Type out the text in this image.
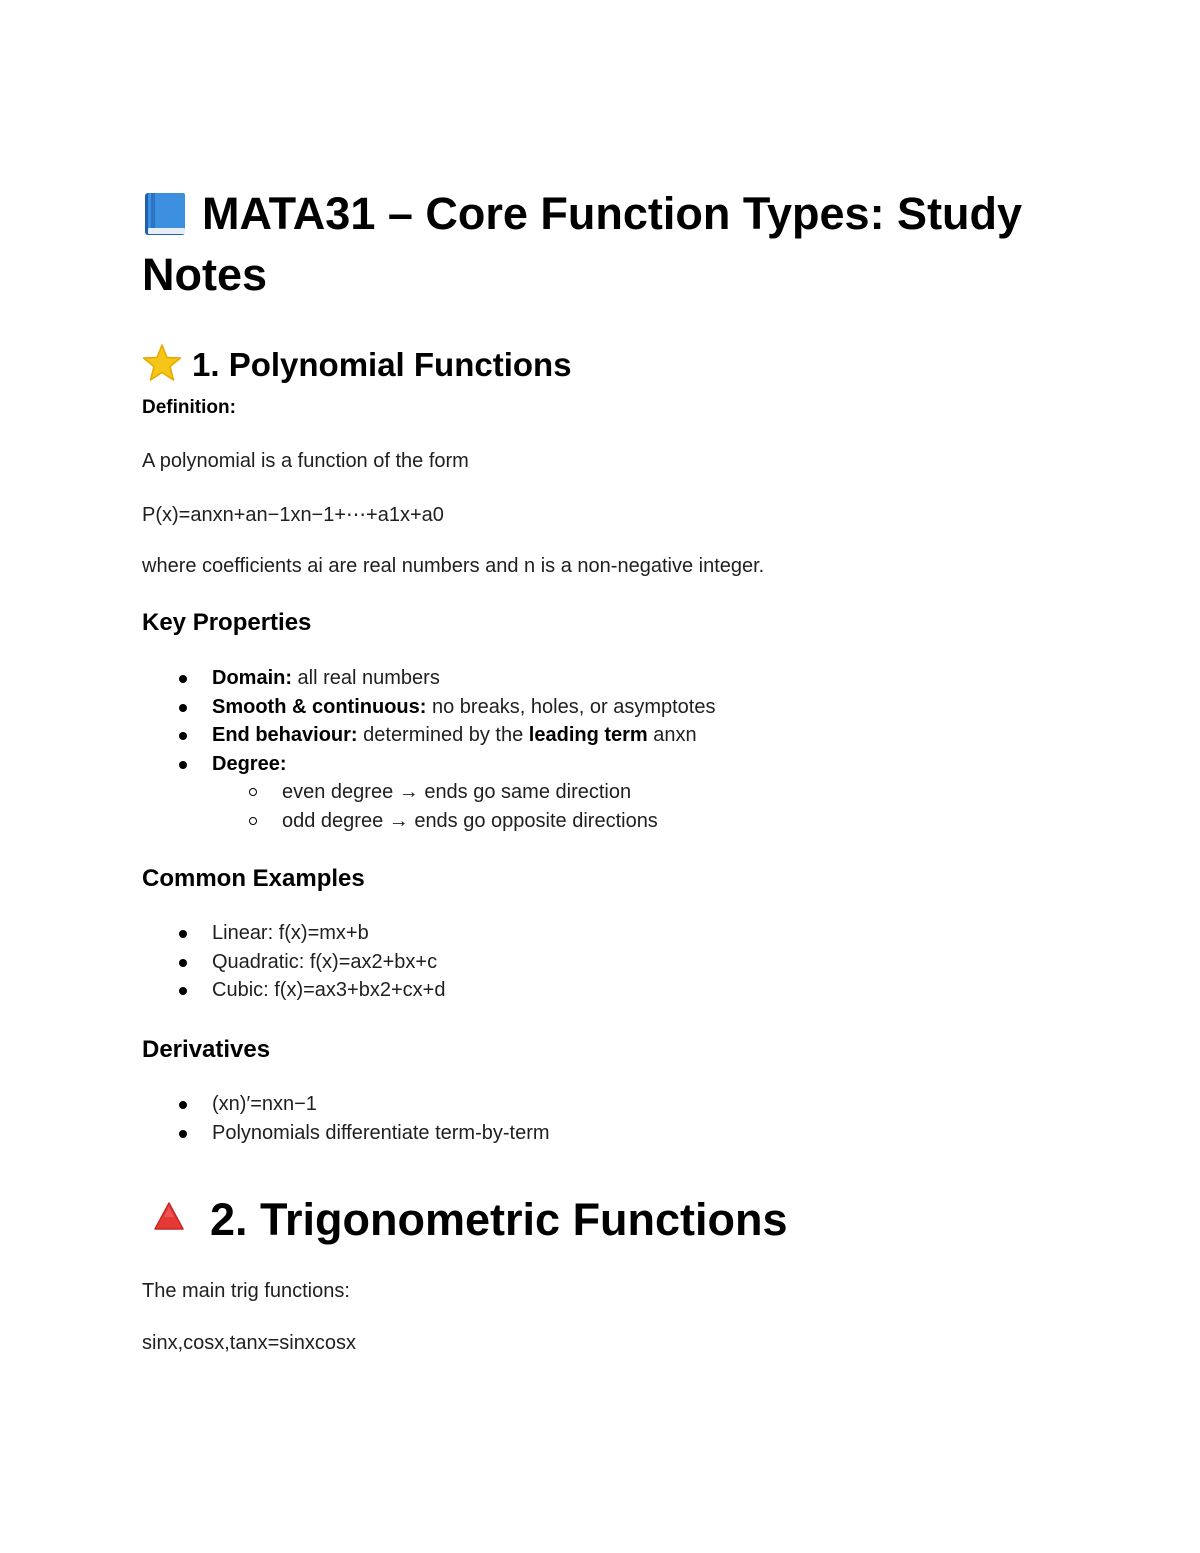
MATA31 – Core Function Types: Study Notes
1. Polynomial Functions
Definition:
A polynomial is a function of the form
P(x)=anxn+an−1xn−1+⋯+a1x+a0
where coefficients ai are real numbers and n is a non-negative integer.
Key Properties
Domain: all real numbers
Smooth & continuous: no breaks, holes, or asymptotes
End behaviour: determined by the leading term anxn
Degree:
even degree → ends go same direction
odd degree → ends go opposite directions
Common Examples
Linear: f(x)=mx+b
Quadratic: f(x)=ax2+bx+c
Cubic: f(x)=ax3+bx2+cx+d
Derivatives
(xn)′=nxn−1
Polynomials differentiate term-by-term
2. Trigonometric Functions
The main trig functions:
sinx,cosx,tanx=sinxcosx
